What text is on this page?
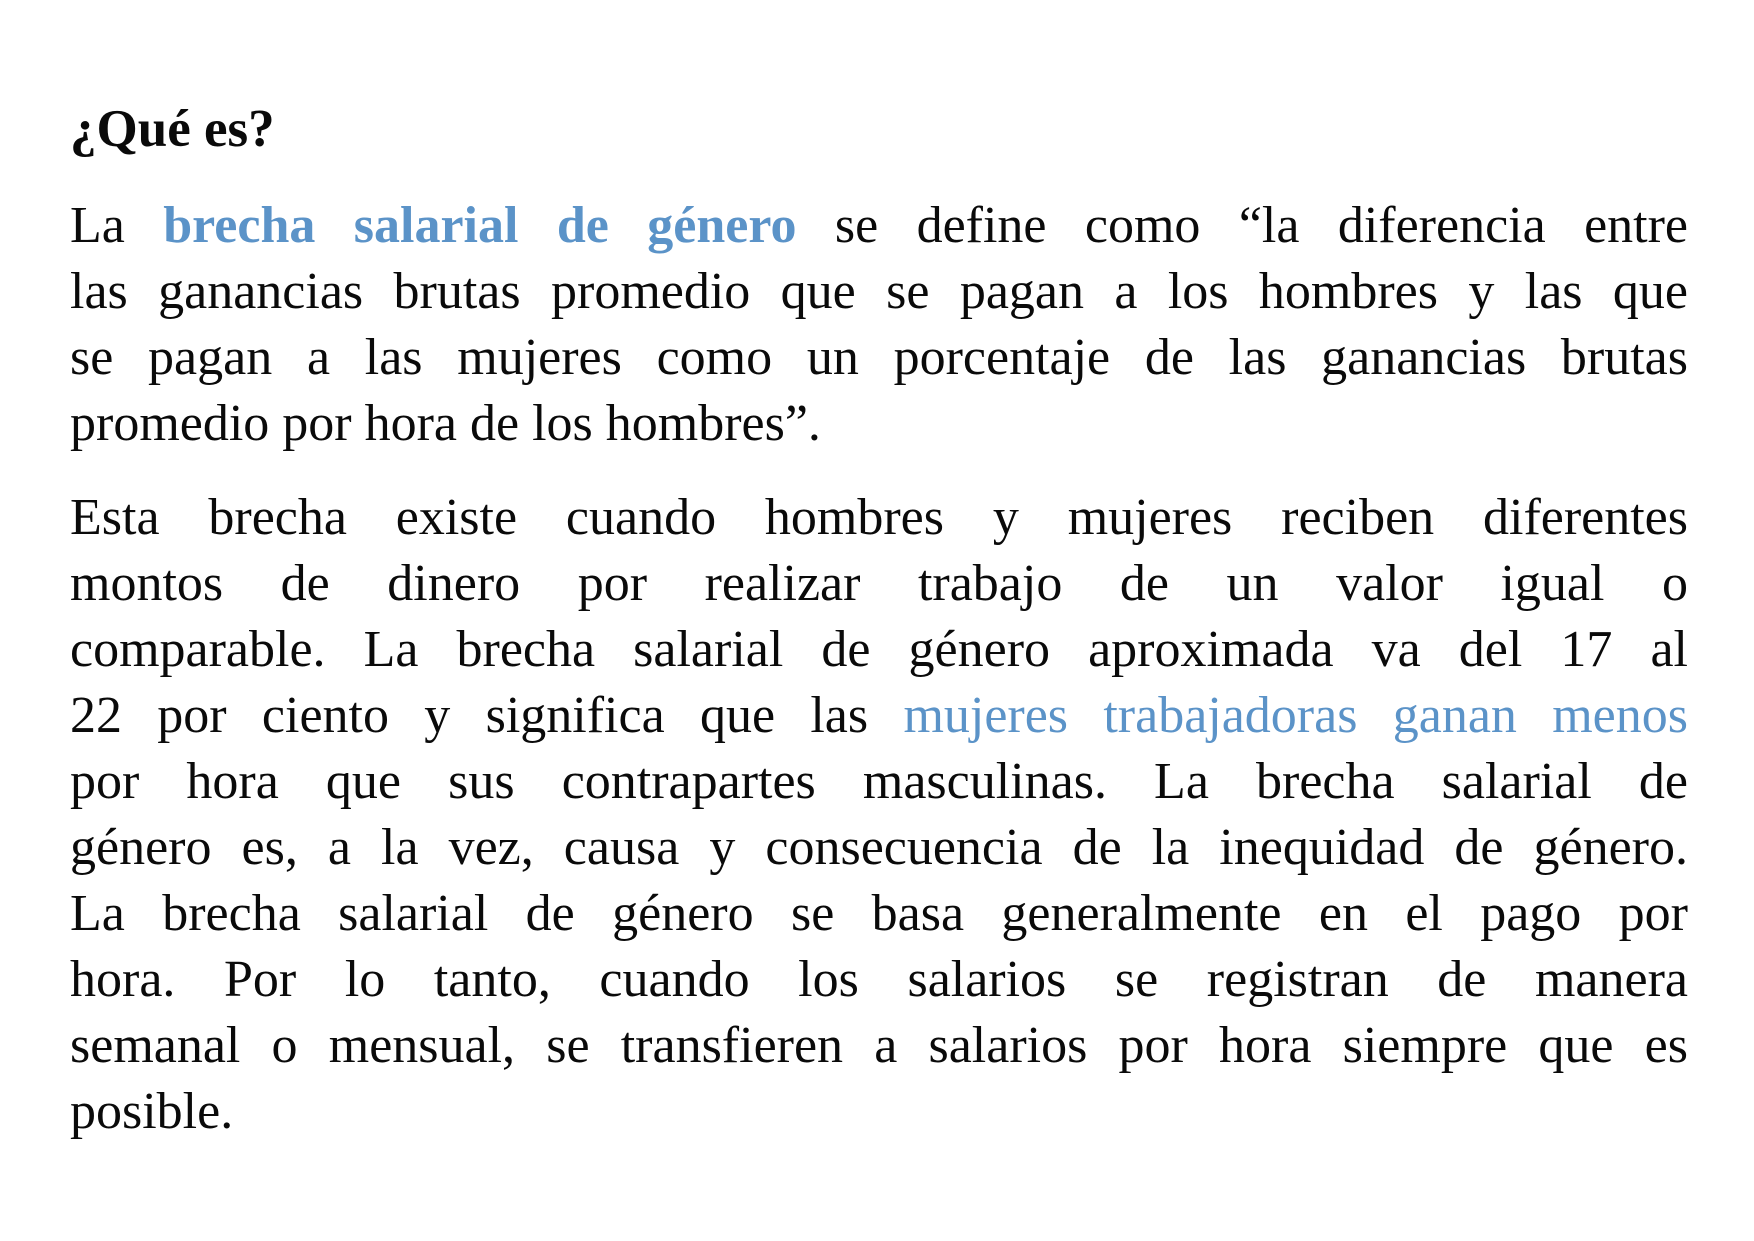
¿Qué es?
La brecha salarial de género se define como “la diferencia entre
las ganancias brutas promedio que se pagan a los hombres y las que
se pagan a las mujeres como un porcentaje de las ganancias brutas
promedio por hora de los hombres”.
Esta brecha existe cuando hombres y mujeres reciben diferentes
montos de dinero por realizar trabajo de un valor igual o
comparable. La brecha salarial de género aproximada va del 17 al
22 por ciento y significa que las mujeres trabajadoras ganan menos
por hora que sus contrapartes masculinas. La brecha salarial de
género es, a la vez, causa y consecuencia de la inequidad de género.
La brecha salarial de género se basa generalmente en el pago por
hora. Por lo tanto, cuando los salarios se registran de manera
semanal o mensual, se transfieren a salarios por hora siempre que es
posible.
